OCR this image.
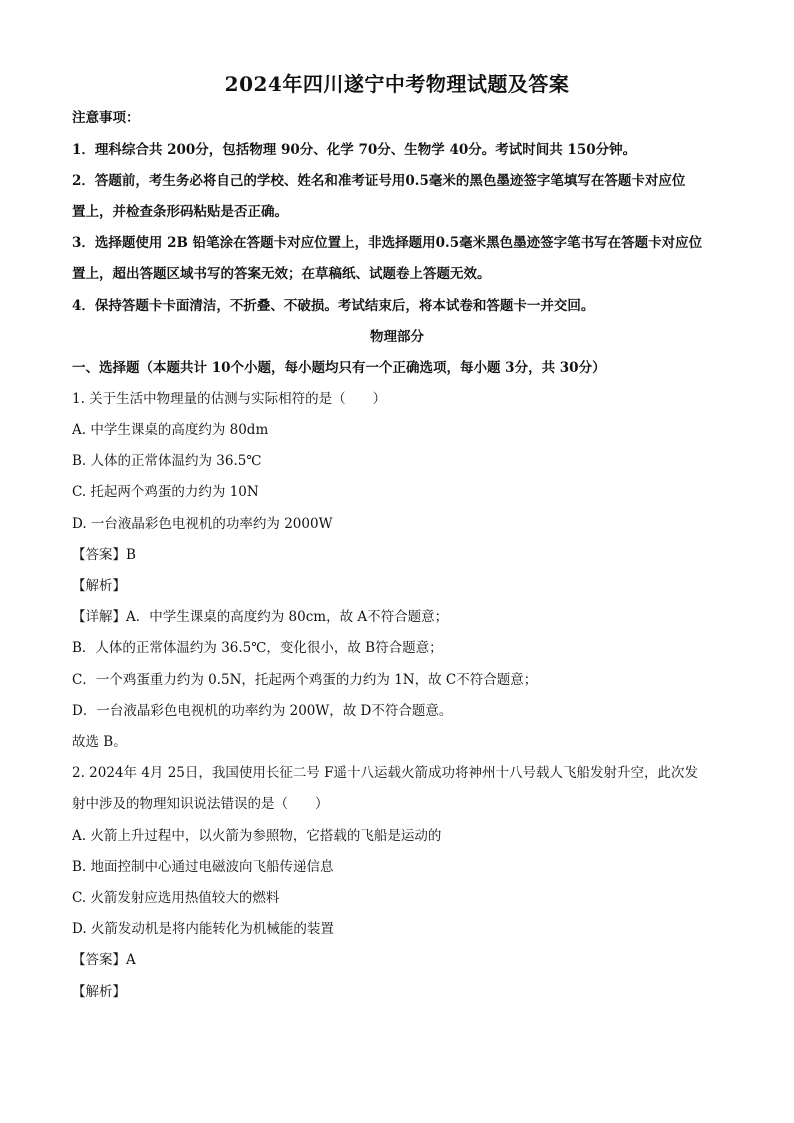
2024年四川遂宁中考物理试题及答案
注意事项：
1．理科综合共 200分，包括物理 90分、化学 70分、生物学 40分。考试时间共 150分钟。
2．答题前，考生务必将自己的学校、姓名和准考证号用0.5毫米的黑色墨迹签字笔填写在答题卡对应位
置上，并检查条形码粘贴是否正确。
3．选择题使用 2B 铅笔涂在答题卡对应位置上，非选择题用0.5毫米黑色墨迹签字笔书写在答题卡对应位
置上，超出答题区域书写的答案无效；在草稿纸、试题卷上答题无效。
4．保持答题卡卡面清洁，不折叠、不破损。考试结束后，将本试卷和答题卡一并交回。
物理部分
一、选择题（本题共计 10个小题，每小题均只有一个正确选项，每小题 3分，共 30分）
1. 关于生活中物理量的估测与实际相符的是（　　）
A. 中学生课桌的高度约为 80dm
B. 人体的正常体温约为 36.5℃
C. 托起两个鸡蛋的力约为 10N
D. 一台液晶彩色电视机的功率约为 2000W
【答案】B
【解析】
【详解】A．中学生课桌的高度约为 80cm，故 A不符合题意；
B．人体的正常体温约为 36.5℃，变化很小，故 B符合题意；
C．一个鸡蛋重力约为 0.5N，托起两个鸡蛋的力约为 1N，故 C不符合题意；
D．一台液晶彩色电视机的功率约为 200W，故 D不符合题意。
故选 B。
2. 2024年 4月 25日，我国使用长征二号 F遥十八运载火箭成功将神州十八号载人飞船发射升空，此次发
射中涉及的物理知识说法错误的是（　　）
A. 火箭上升过程中，以火箭为参照物，它搭载的飞船是运动的
B. 地面控制中心通过电磁波向飞船传递信息
C. 火箭发射应选用热值较大的燃料
D. 火箭发动机是将内能转化为机械能的装置
【答案】A
【解析】
